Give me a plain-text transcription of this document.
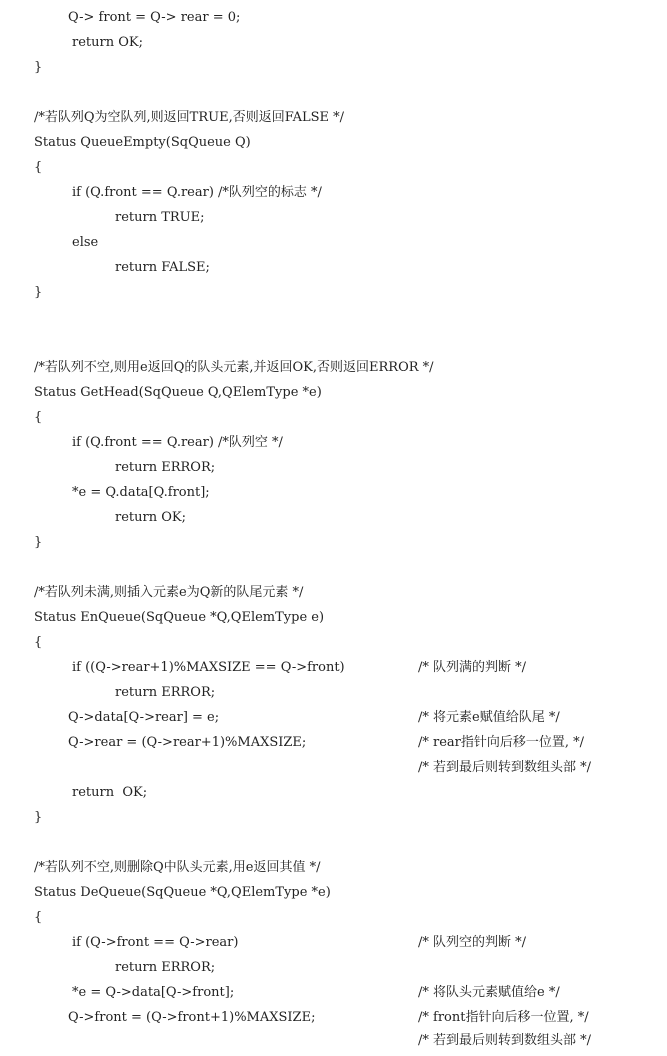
Q-> front = Q-> rear = 0;
return OK;
}
/*若队列Q为空队列,则返回TRUE,否则返回FALSE */
Status QueueEmpty(SqQueue Q)
{
if (Q.front == Q.rear) /*队列空的标志 */
return TRUE;
else
return FALSE;
}
/*若队列不空,则用e返回Q的队头元素,并返回OK,否则返回ERROR */
Status GetHead(SqQueue Q,QElemType *e)
{
if (Q.front == Q.rear) /*队列空 */
return ERROR;
*e = Q.data[Q.front];
return OK;
}
/*若队列未满,则插入元素e为Q新的队尾元素 */
Status EnQueue(SqQueue *Q,QElemType e)
{
if ((Q->rear+1)%MAXSIZE == Q->front)	/* 队列满的判断 */
return ERROR;
Q->data[Q->rear] = e;	/* 将元素e赋值给队尾 */
Q->rear = (Q->rear+1)%MAXSIZE;	/* rear指针向后移一位置, */
/* 若到最后则转到数组头部 */
return  OK;
}
/*若队列不空,则删除Q中队头元素,用e返回其值 */
Status DeQueue(SqQueue *Q,QElemType *e)
{
if (Q->front == Q->rear)	/* 队列空的判断 */
return ERROR;
*e = Q->data[Q->front];	/* 将队头元素赋值给e */
Q->front = (Q->front+1)%MAXSIZE;	/* front指针向后移一位置, */
/* 若到最后则转到数组头部 */
